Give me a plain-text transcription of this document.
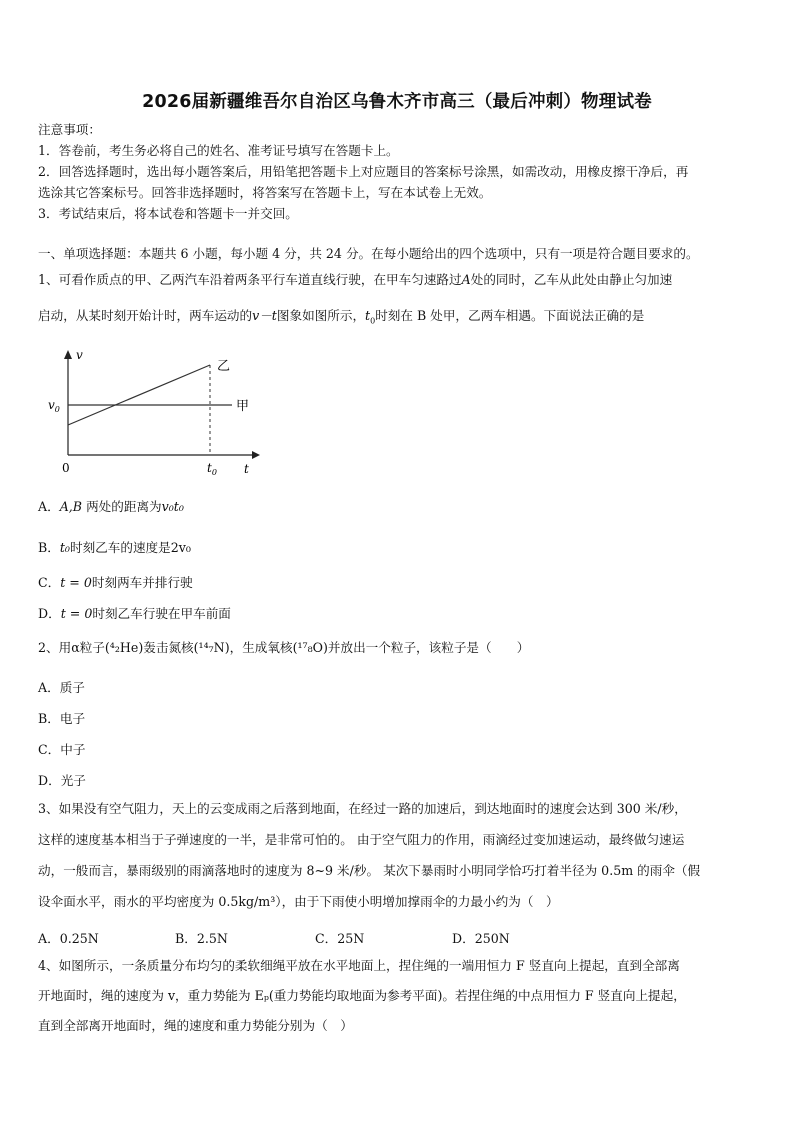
2026届新疆维吾尔自治区乌鲁木齐市高三（最后冲刺）物理试卷
注意事项：
1．答卷前，考生务必将自己的姓名、准考证号填写在答题卡上。
2．回答选择题时，选出每小题答案后，用铅笔把答题卡上对应题目的答案标号涂黑，如需改动，用橡皮擦干净后，再
选涂其它答案标号。回答非选择题时，将答案写在答题卡上，写在本试卷上无效。
3．考试结束后，将本试卷和答题卡一并交回。
一、单项选择题：本题共 6 小题，每小题 4 分，共 24 分。在每小题给出的四个选项中，只有一项是符合题目要求的。
1、可看作质点的甲、乙两汽车沿着两条平行车道直线行驶，在甲车匀速路过A处的同时，乙车从此处由静止匀加速
启动，从某时刻开始计时，两车运动的v－t图象如图所示，$t_0$时刻在 B 处甲，乙两车相遇。下面说法正确的是
v
t
0
$v_0$
$t_0$
乙
甲
A．A,B 两处的距离为v₀t₀
B．t₀时刻乙车的速度是2v₀
C．t = 0时刻两车并排行驶
D．t = 0时刻乙车行驶在甲车前面
2、用α粒子(⁴₂He)轰击氮核(¹⁴₇N)，生成氧核(¹⁷₈O)并放出一个粒子，该粒子是（　　）
A．质子
B．电子
C．中子
D．光子
3、如果没有空气阻力，天上的云变成雨之后落到地面，在经过一路的加速后，到达地面时的速度会达到 300 米/秒，
这样的速度基本相当于子弹速度的一半，是非常可怕的。 由于空气阻力的作用，雨滴经过变加速运动，最终做匀速运
动，一般而言，暴雨级别的雨滴落地时的速度为 8~9 米/秒。 某次下暴雨时小明同学恰巧打着半径为 0.5m 的雨伞（假
设伞面水平，雨水的平均密度为 0.5kg/m³），由于下雨使小明增加撑雨伞的力最小约为（　）
A．0.25N	B．2.5N	C．25N	D．250N
4、如图所示，一条质量分布均匀的柔软细绳平放在水平地面上，捏住绳的一端用恒力 F 竖直向上提起，直到全部离
开地面时，绳的速度为 v，重力势能为 Eₚ(重力势能均取地面为参考平面)。若捏住绳的中点用恒力 F 竖直向上提起，
直到全部离开地面时，绳的速度和重力势能分别为（　）
